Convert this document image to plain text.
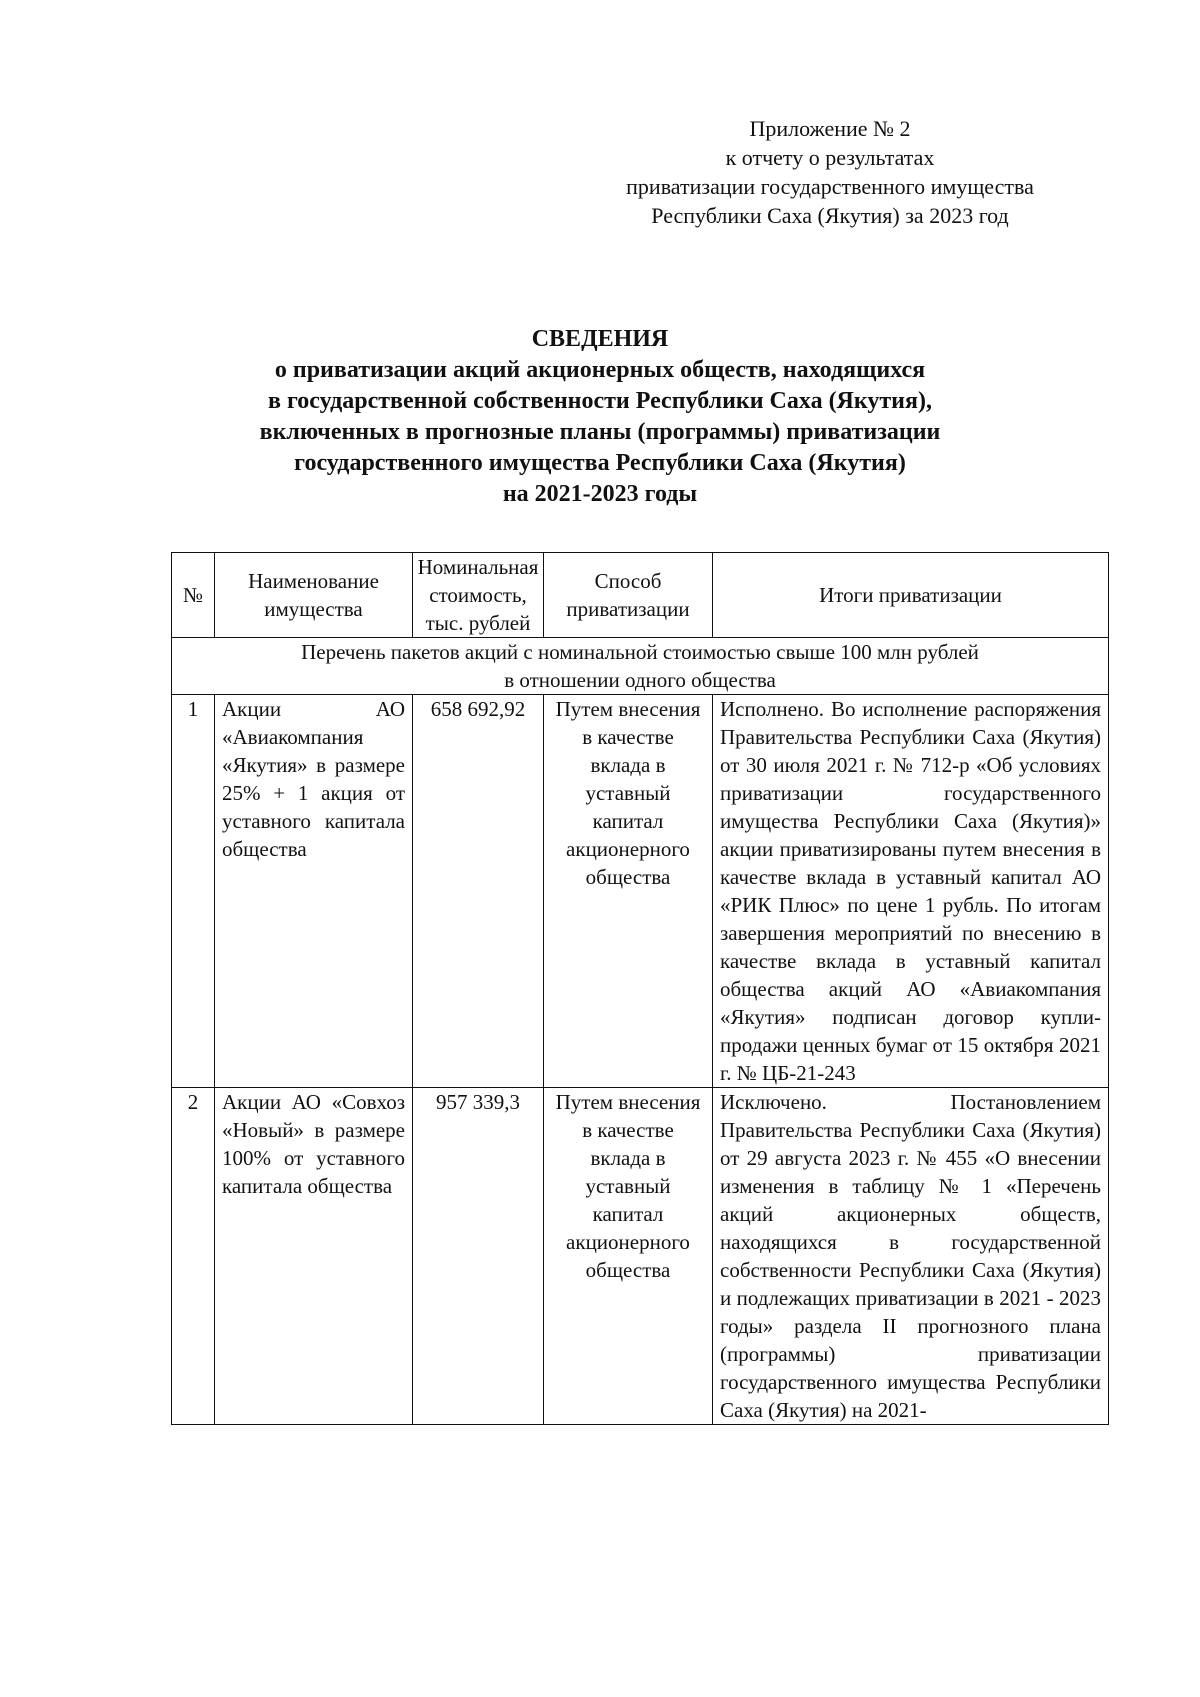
Приложение № 2
к отчету о результатах
приватизации государственного имущества
Республики Саха (Якутия) за 2023 год
СВЕДЕНИЯ
о приватизации акций акционерных обществ, находящихся
в государственной собственности Республики Саха (Якутия),
включенных в прогнозные планы (программы) приватизации
государственного имущества Республики Саха (Якутия)
на 2021-2023 годы
№	Наименование имущества	Номинальная стоимость, тыс. рублей	Способ приватизации	Итоги приватизации

Перечень пакетов акций с номинальной стоимостью свыше 100 млн рублей
в отношении одного общества				

1	Акции АО «Авиакомпания «Якутия» в размере 25% + 1 акция от уставного капитала общества	658 692,92	Путем внесения в качестве вклада в уставный капитал акционерного общества	Исполнено. Во исполнение распоряжения Правительства Республики Саха (Якутия) от 30 июля 2021 г. № 712-р «Об условиях приватизации государственного имущества Республики Саха (Якутия)» акции приватизированы путем внесения в качестве вклада в уставный капитал АО «РИК Плюс» по цене 1 рубль. По итогам завершения мероприятий по внесению в качестве вклада в уставный капитал общества акций АО «Авиакомпания «Якутия» подписан договор купли-продажи ценных бумаг от 15 октября 2021 г. № ЦБ-21-243
2	Акции АО «Совхоз «Новый» в размере 100% от уставного капитала общества	957 339,3	Путем внесения в качестве вклада в уставный капитал акционерного общества	Исключено. Постановлением Правительства Республики Саха (Якутия) от 29 августа 2023 г. № 455 «О внесении изменения в таблицу № 1 «Перечень акций акционерных обществ, находящихся в государственной собственности Республики Саха (Якутия) и подлежащих приватизации в 2021 - 2023 годы» раздела II прогнозного плана (программы) приватизации государственного имущества Республики Саха (Якутия) на 2021-
